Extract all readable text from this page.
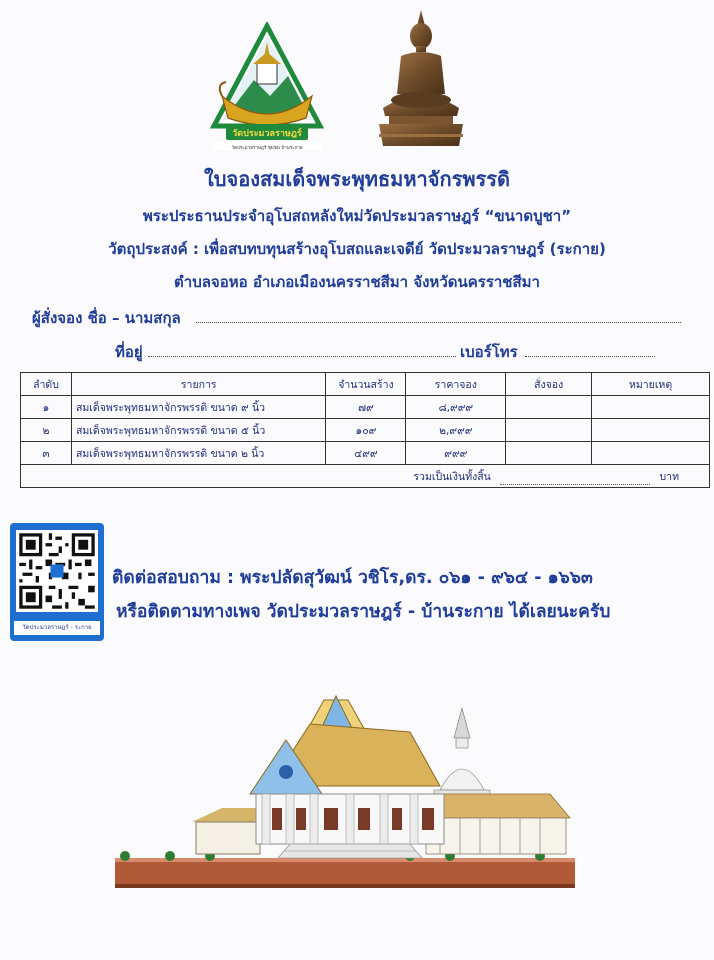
วัดประมวลราษฎร์
วัดประมวลราษฎร์ ชุมชน บ้านระกาย
ใบจองสมเด็จพระพุทธมหาจักรพรรดิ
พระประธานประจำอุโบสถหลังใหม่วัดประมวลราษฎร์ “ขนาดบูชา”
วัตถุประสงค์ : เพื่อสบทบทุนสร้างอุโบสถและเจดีย์ วัดประมวลราษฎร์ (ระกาย)
ตำบลจอหอ อำเภอเมืองนครราชสีมา จังหวัดนครราชสีมา
ผู้สั่งจอง ชื่อ – นามสกุล
ที่อยู่	เบอร์โทร
ลำดับ	รายการ	จำนวนสร้าง	ราคาจอง	สั่งจอง	หมายเหตุ
๑	สมเด็จพระพุทธมหาจักรพรรดิ ขนาด ๙ นิ้ว	๗๙	๘,๙๙๙		
๒	สมเด็จพระพุทธมหาจักรพรรดิ ขนาด ๕ นิ้ว	๑๐๙	๒,๙๙๙		
๓	สมเด็จพระพุทธมหาจักรพรรดิ ขนาด ๒ นิ้ว	๔๙๙	๙๙๙		
รวมเป็นเงินทั้งสิ้น บาท					
วัดประมวลราษฎร์ - ระกาย
ติดต่อสอบถาม : พระปลัดสุวัฒน์ วชิโร,ดร. ๐๖๑ - ๙๖๔ - ๑๖๖๓
หรือติดตามทางเพจ วัดประมวลราษฎร์ - บ้านระกาย ได้เลยนะครับ
